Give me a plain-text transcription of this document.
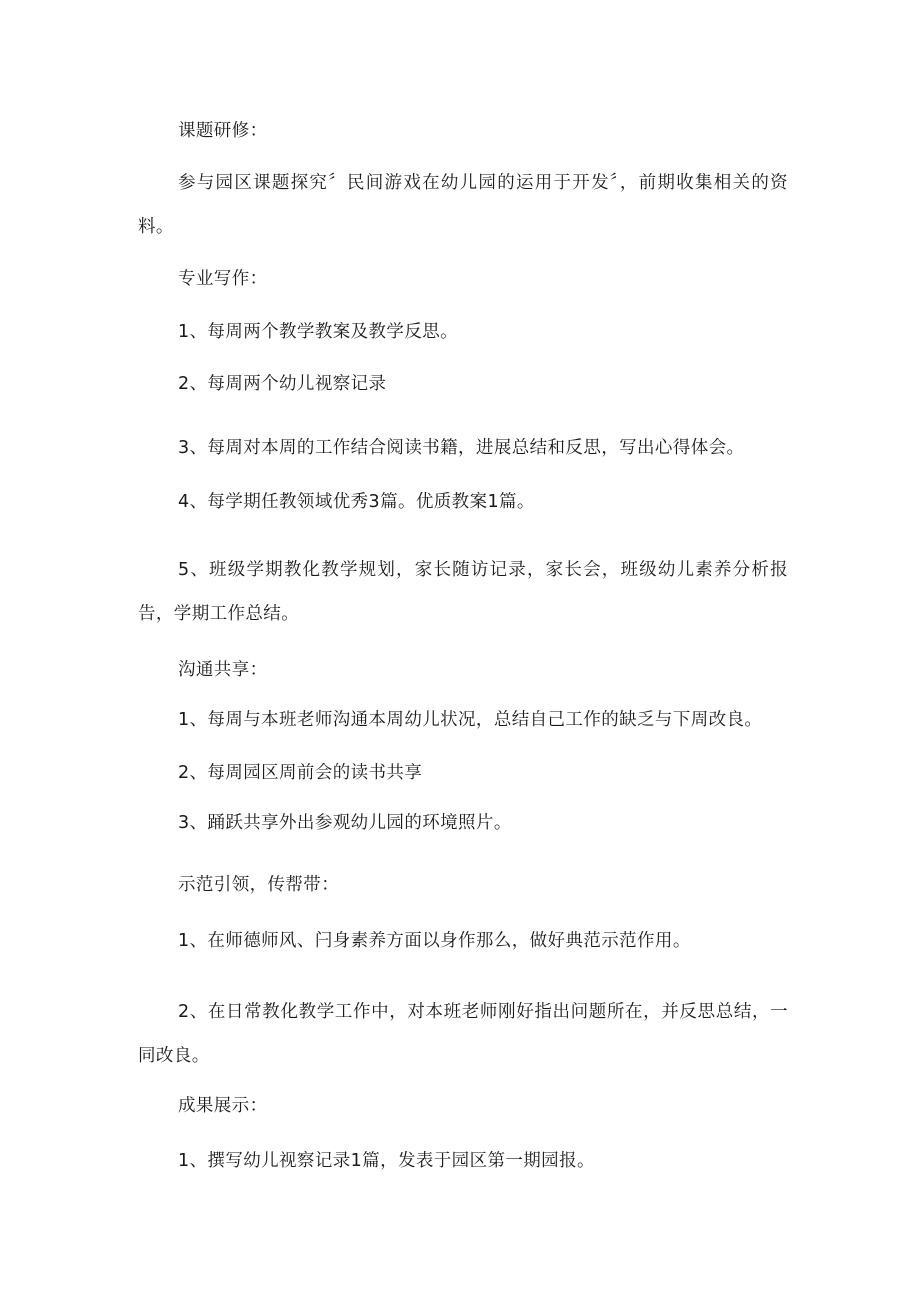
课题研修：

参与园区课题探究〞民间游戏在幼儿园的运用于开发〞，前期收集相关的资料。

专业写作：

1、每周两个教学教案及教学反思。

2、每周两个幼儿视察记录

3、每周对本周的工作结合阅读书籍，进展总结和反思，写出心得体会。

4、每学期任教领域优秀3篇。优质教案1篇。

5、班级学期教化教学规划，家长随访记录，家长会，班级幼儿素养分析报告，学期工作总结。

沟通共享：

1、每周与本班老师沟通本周幼儿状况，总结自己工作的缺乏与下周改良。

2、每周园区周前会的读书共享

3、踊跃共享外出参观幼儿园的环境照片。

示范引领，传帮带：

1、在师德师风、闩身素养方面以身作那么，做好典范示范作用。

2、在日常教化教学工作中，对本班老师刚好指出问题所在，并反思总结，一同改良。

成果展示：

1、撰写幼儿视察记录1篇，发表于园区第一期园报。
